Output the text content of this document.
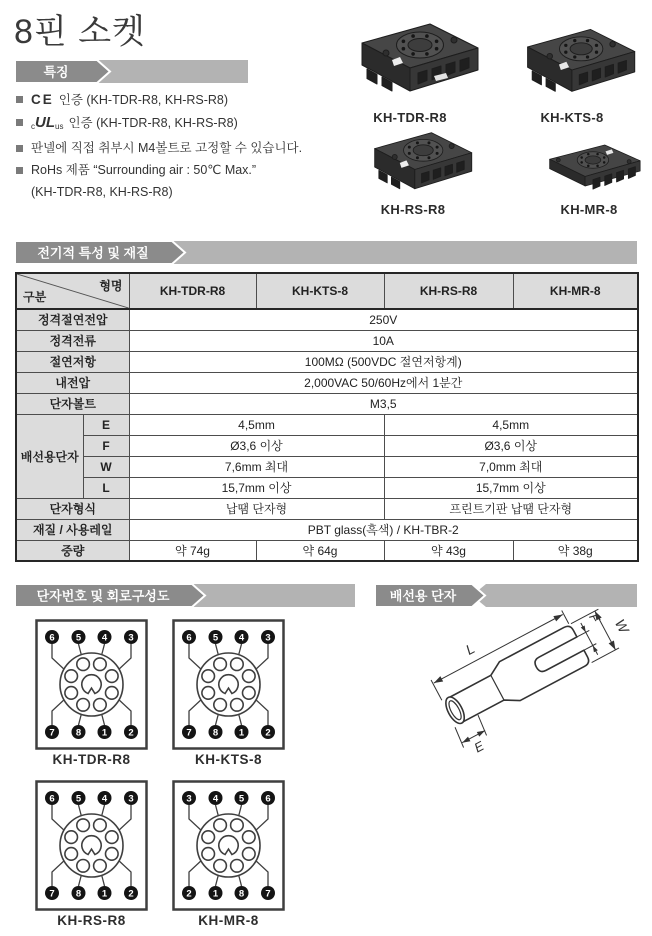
8핀 소켓
특징
CE 인증 (KH-TDR-R8, KH-RS-R8)
cULus 인증 (KH-TDR-R8, KH-RS-R8)
판넬에 직접 취부시 M4볼트로 고정할 수 있습니다.
RoHs 제품 “Surrounding air : 50℃ Max.”
(KH-TDR-R8, KH-RS-R8)
KH-TDR-R8	KH-KTS-8
KH-RS-R8	KH-MR-8
전기적 특성 및 재질
형명
구분		KH-TDR-R8	KH-KTS-8	KH-RS-R8	KH-MR-8
정격절연전압		250V			
정격전류		10A			
절연저항		100MΩ (500VDC 절연저항계)			
내전압		2,000VAC 50/60Hz에서 1분간			
단자볼트		M3,5			
배선용단자	E	4,5mm		4,5mm	
	F	Ø3,6 이상		Ø3,6 이상	
	W	7,6mm 최대		7,0mm 최대	
	L	15,7mm 이상		15,7mm 이상	
단자형식		납땜 단자형		프린트기판 납땜 단자형	
재질 / 사용레일		PBT glass(흑색) / KH-TBR-2			
중량		약 74g	약 64g	약 43g	약 38g
단자번호 및 회로구성도	배선용 단자
6 5 4 3
7 8 1 2
6 5 4 3
7 8 1 2
6 5 4 3
7 8 1 2
3 4 5 6
2 1 8 7
KH-TDR-R8	KH-KTS-8
KH-RS-R8	KH-MR-8
L
W
F
E
